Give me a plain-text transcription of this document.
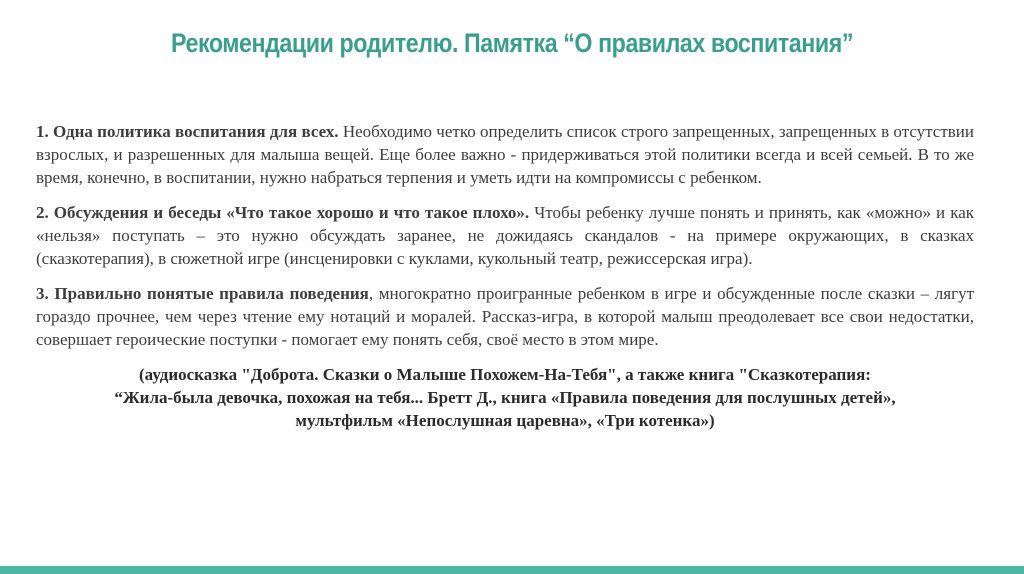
Рекомендации родителю. Памятка “О правилах воспитания”

1. Одна политика воспитания для всех. Необходимо четко определить список строго запрещенных, запрещенных в отсутствии взрослых, и разрешенных для малыша вещей. Еще более важно - придерживаться этой политики всегда и всей семьей. В то же время, конечно, в воспитании, нужно набраться терпения и уметь идти на компромиссы с ребенком.

2. Обсуждения и беседы «Что такое хорошо и что такое плохо». Чтобы ребенку лучше понять и принять, как «можно» и как «нельзя» поступать – это нужно обсуждать заранее, не дожидаясь скандалов - на примере окружающих, в сказках (сказкотерапия), в сюжетной игре (инсценировки с куклами, кукольный театр, режиссерская игра).

3. Правильно понятые правила поведения, многократно проигранные ребенком в игре и обсужденные после сказки – лягут гораздо прочнее, чем через чтение ему нотаций и моралей. Рассказ-игра, в которой малыш преодолевает все свои недостатки, совершает героические поступки - помогает ему понять себя, своё место в этом мире.

(аудиосказка "Доброта. Сказки о Малыше Похожем-На-Тебя", а также книга "Сказкотерапия:
“Жила-была девочка, похожая на тебя... Бретт Д., книга «Правила поведения для послушных детей»,
мультфильм «Непослушная царевна», «Три котенка»)
